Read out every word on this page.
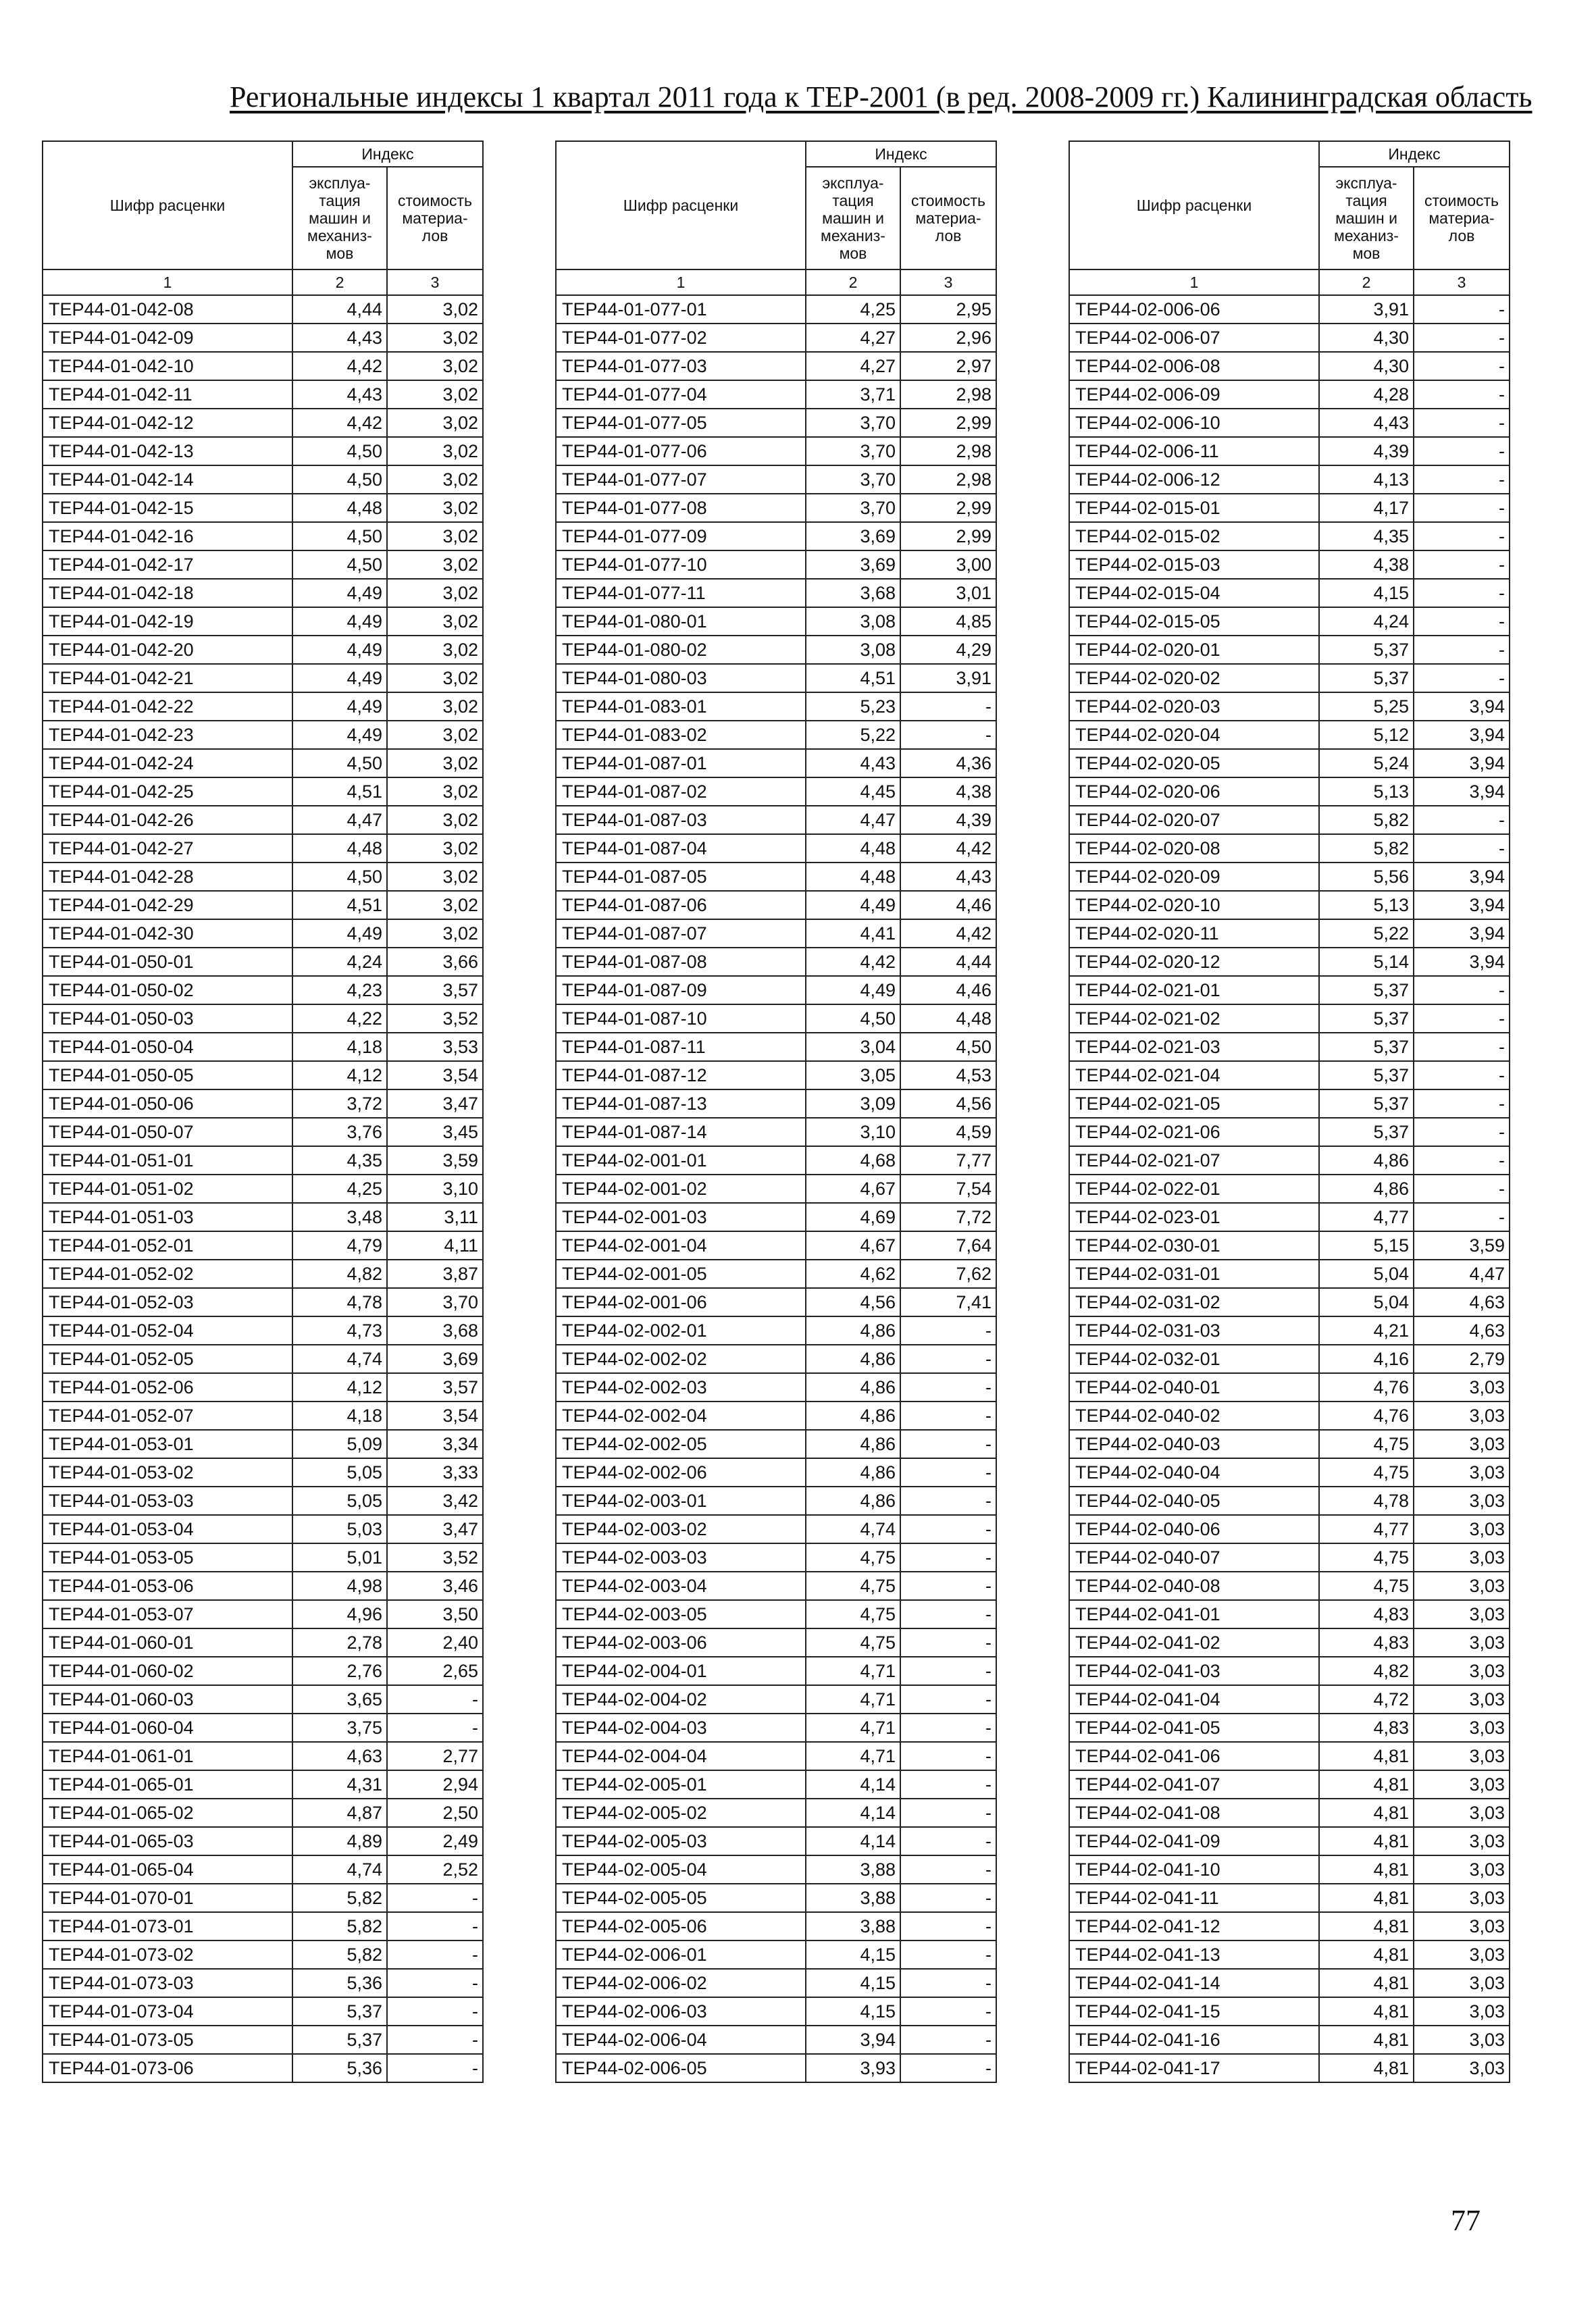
Региональные индексы 1 квартал 2011 года к ТЕР-2001 (в ред. 2008-2009 гг.) Калининградская область
Шифр расценки	Индекс	
	эксплуа-
тация
машин и
механиз-
мов	стоимость
материа-
лов
1	2	3
ТЕР44-01-042-08	4,44	3,02
ТЕР44-01-042-09	4,43	3,02
ТЕР44-01-042-10	4,42	3,02
ТЕР44-01-042-11	4,43	3,02
ТЕР44-01-042-12	4,42	3,02
ТЕР44-01-042-13	4,50	3,02
ТЕР44-01-042-14	4,50	3,02
ТЕР44-01-042-15	4,48	3,02
ТЕР44-01-042-16	4,50	3,02
ТЕР44-01-042-17	4,50	3,02
ТЕР44-01-042-18	4,49	3,02
ТЕР44-01-042-19	4,49	3,02
ТЕР44-01-042-20	4,49	3,02
ТЕР44-01-042-21	4,49	3,02
ТЕР44-01-042-22	4,49	3,02
ТЕР44-01-042-23	4,49	3,02
ТЕР44-01-042-24	4,50	3,02
ТЕР44-01-042-25	4,51	3,02
ТЕР44-01-042-26	4,47	3,02
ТЕР44-01-042-27	4,48	3,02
ТЕР44-01-042-28	4,50	3,02
ТЕР44-01-042-29	4,51	3,02
ТЕР44-01-042-30	4,49	3,02
ТЕР44-01-050-01	4,24	3,66
ТЕР44-01-050-02	4,23	3,57
ТЕР44-01-050-03	4,22	3,52
ТЕР44-01-050-04	4,18	3,53
ТЕР44-01-050-05	4,12	3,54
ТЕР44-01-050-06	3,72	3,47
ТЕР44-01-050-07	3,76	3,45
ТЕР44-01-051-01	4,35	3,59
ТЕР44-01-051-02	4,25	3,10
ТЕР44-01-051-03	3,48	3,11
ТЕР44-01-052-01	4,79	4,11
ТЕР44-01-052-02	4,82	3,87
ТЕР44-01-052-03	4,78	3,70
ТЕР44-01-052-04	4,73	3,68
ТЕР44-01-052-05	4,74	3,69
ТЕР44-01-052-06	4,12	3,57
ТЕР44-01-052-07	4,18	3,54
ТЕР44-01-053-01	5,09	3,34
ТЕР44-01-053-02	5,05	3,33
ТЕР44-01-053-03	5,05	3,42
ТЕР44-01-053-04	5,03	3,47
ТЕР44-01-053-05	5,01	3,52
ТЕР44-01-053-06	4,98	3,46
ТЕР44-01-053-07	4,96	3,50
ТЕР44-01-060-01	2,78	2,40
ТЕР44-01-060-02	2,76	2,65
ТЕР44-01-060-03	3,65	-
ТЕР44-01-060-04	3,75	-
ТЕР44-01-061-01	4,63	2,77
ТЕР44-01-065-01	4,31	2,94
ТЕР44-01-065-02	4,87	2,50
ТЕР44-01-065-03	4,89	2,49
ТЕР44-01-065-04	4,74	2,52
ТЕР44-01-070-01	5,82	-
ТЕР44-01-073-01	5,82	-
ТЕР44-01-073-02	5,82	-
ТЕР44-01-073-03	5,36	-
ТЕР44-01-073-04	5,37	-
ТЕР44-01-073-05	5,37	-
ТЕР44-01-073-06	5,36	-
Шифр расценки	Индекс	
	эксплуа-
тация
машин и
механиз-
мов	стоимость
материа-
лов
1	2	3
ТЕР44-01-077-01	4,25	2,95
ТЕР44-01-077-02	4,27	2,96
ТЕР44-01-077-03	4,27	2,97
ТЕР44-01-077-04	3,71	2,98
ТЕР44-01-077-05	3,70	2,99
ТЕР44-01-077-06	3,70	2,98
ТЕР44-01-077-07	3,70	2,98
ТЕР44-01-077-08	3,70	2,99
ТЕР44-01-077-09	3,69	2,99
ТЕР44-01-077-10	3,69	3,00
ТЕР44-01-077-11	3,68	3,01
ТЕР44-01-080-01	3,08	4,85
ТЕР44-01-080-02	3,08	4,29
ТЕР44-01-080-03	4,51	3,91
ТЕР44-01-083-01	5,23	-
ТЕР44-01-083-02	5,22	-
ТЕР44-01-087-01	4,43	4,36
ТЕР44-01-087-02	4,45	4,38
ТЕР44-01-087-03	4,47	4,39
ТЕР44-01-087-04	4,48	4,42
ТЕР44-01-087-05	4,48	4,43
ТЕР44-01-087-06	4,49	4,46
ТЕР44-01-087-07	4,41	4,42
ТЕР44-01-087-08	4,42	4,44
ТЕР44-01-087-09	4,49	4,46
ТЕР44-01-087-10	4,50	4,48
ТЕР44-01-087-11	3,04	4,50
ТЕР44-01-087-12	3,05	4,53
ТЕР44-01-087-13	3,09	4,56
ТЕР44-01-087-14	3,10	4,59
ТЕР44-02-001-01	4,68	7,77
ТЕР44-02-001-02	4,67	7,54
ТЕР44-02-001-03	4,69	7,72
ТЕР44-02-001-04	4,67	7,64
ТЕР44-02-001-05	4,62	7,62
ТЕР44-02-001-06	4,56	7,41
ТЕР44-02-002-01	4,86	-
ТЕР44-02-002-02	4,86	-
ТЕР44-02-002-03	4,86	-
ТЕР44-02-002-04	4,86	-
ТЕР44-02-002-05	4,86	-
ТЕР44-02-002-06	4,86	-
ТЕР44-02-003-01	4,86	-
ТЕР44-02-003-02	4,74	-
ТЕР44-02-003-03	4,75	-
ТЕР44-02-003-04	4,75	-
ТЕР44-02-003-05	4,75	-
ТЕР44-02-003-06	4,75	-
ТЕР44-02-004-01	4,71	-
ТЕР44-02-004-02	4,71	-
ТЕР44-02-004-03	4,71	-
ТЕР44-02-004-04	4,71	-
ТЕР44-02-005-01	4,14	-
ТЕР44-02-005-02	4,14	-
ТЕР44-02-005-03	4,14	-
ТЕР44-02-005-04	3,88	-
ТЕР44-02-005-05	3,88	-
ТЕР44-02-005-06	3,88	-
ТЕР44-02-006-01	4,15	-
ТЕР44-02-006-02	4,15	-
ТЕР44-02-006-03	4,15	-
ТЕР44-02-006-04	3,94	-
ТЕР44-02-006-05	3,93	-
Шифр расценки	Индекс	
	эксплуа-
тация
машин и
механиз-
мов	стоимость
материа-
лов
1	2	3
ТЕР44-02-006-06	3,91	-
ТЕР44-02-006-07	4,30	-
ТЕР44-02-006-08	4,30	-
ТЕР44-02-006-09	4,28	-
ТЕР44-02-006-10	4,43	-
ТЕР44-02-006-11	4,39	-
ТЕР44-02-006-12	4,13	-
ТЕР44-02-015-01	4,17	-
ТЕР44-02-015-02	4,35	-
ТЕР44-02-015-03	4,38	-
ТЕР44-02-015-04	4,15	-
ТЕР44-02-015-05	4,24	-
ТЕР44-02-020-01	5,37	-
ТЕР44-02-020-02	5,37	-
ТЕР44-02-020-03	5,25	3,94
ТЕР44-02-020-04	5,12	3,94
ТЕР44-02-020-05	5,24	3,94
ТЕР44-02-020-06	5,13	3,94
ТЕР44-02-020-07	5,82	-
ТЕР44-02-020-08	5,82	-
ТЕР44-02-020-09	5,56	3,94
ТЕР44-02-020-10	5,13	3,94
ТЕР44-02-020-11	5,22	3,94
ТЕР44-02-020-12	5,14	3,94
ТЕР44-02-021-01	5,37	-
ТЕР44-02-021-02	5,37	-
ТЕР44-02-021-03	5,37	-
ТЕР44-02-021-04	5,37	-
ТЕР44-02-021-05	5,37	-
ТЕР44-02-021-06	5,37	-
ТЕР44-02-021-07	4,86	-
ТЕР44-02-022-01	4,86	-
ТЕР44-02-023-01	4,77	-
ТЕР44-02-030-01	5,15	3,59
ТЕР44-02-031-01	5,04	4,47
ТЕР44-02-031-02	5,04	4,63
ТЕР44-02-031-03	4,21	4,63
ТЕР44-02-032-01	4,16	2,79
ТЕР44-02-040-01	4,76	3,03
ТЕР44-02-040-02	4,76	3,03
ТЕР44-02-040-03	4,75	3,03
ТЕР44-02-040-04	4,75	3,03
ТЕР44-02-040-05	4,78	3,03
ТЕР44-02-040-06	4,77	3,03
ТЕР44-02-040-07	4,75	3,03
ТЕР44-02-040-08	4,75	3,03
ТЕР44-02-041-01	4,83	3,03
ТЕР44-02-041-02	4,83	3,03
ТЕР44-02-041-03	4,82	3,03
ТЕР44-02-041-04	4,72	3,03
ТЕР44-02-041-05	4,83	3,03
ТЕР44-02-041-06	4,81	3,03
ТЕР44-02-041-07	4,81	3,03
ТЕР44-02-041-08	4,81	3,03
ТЕР44-02-041-09	4,81	3,03
ТЕР44-02-041-10	4,81	3,03
ТЕР44-02-041-11	4,81	3,03
ТЕР44-02-041-12	4,81	3,03
ТЕР44-02-041-13	4,81	3,03
ТЕР44-02-041-14	4,81	3,03
ТЕР44-02-041-15	4,81	3,03
ТЕР44-02-041-16	4,81	3,03
ТЕР44-02-041-17	4,81	3,03
77
